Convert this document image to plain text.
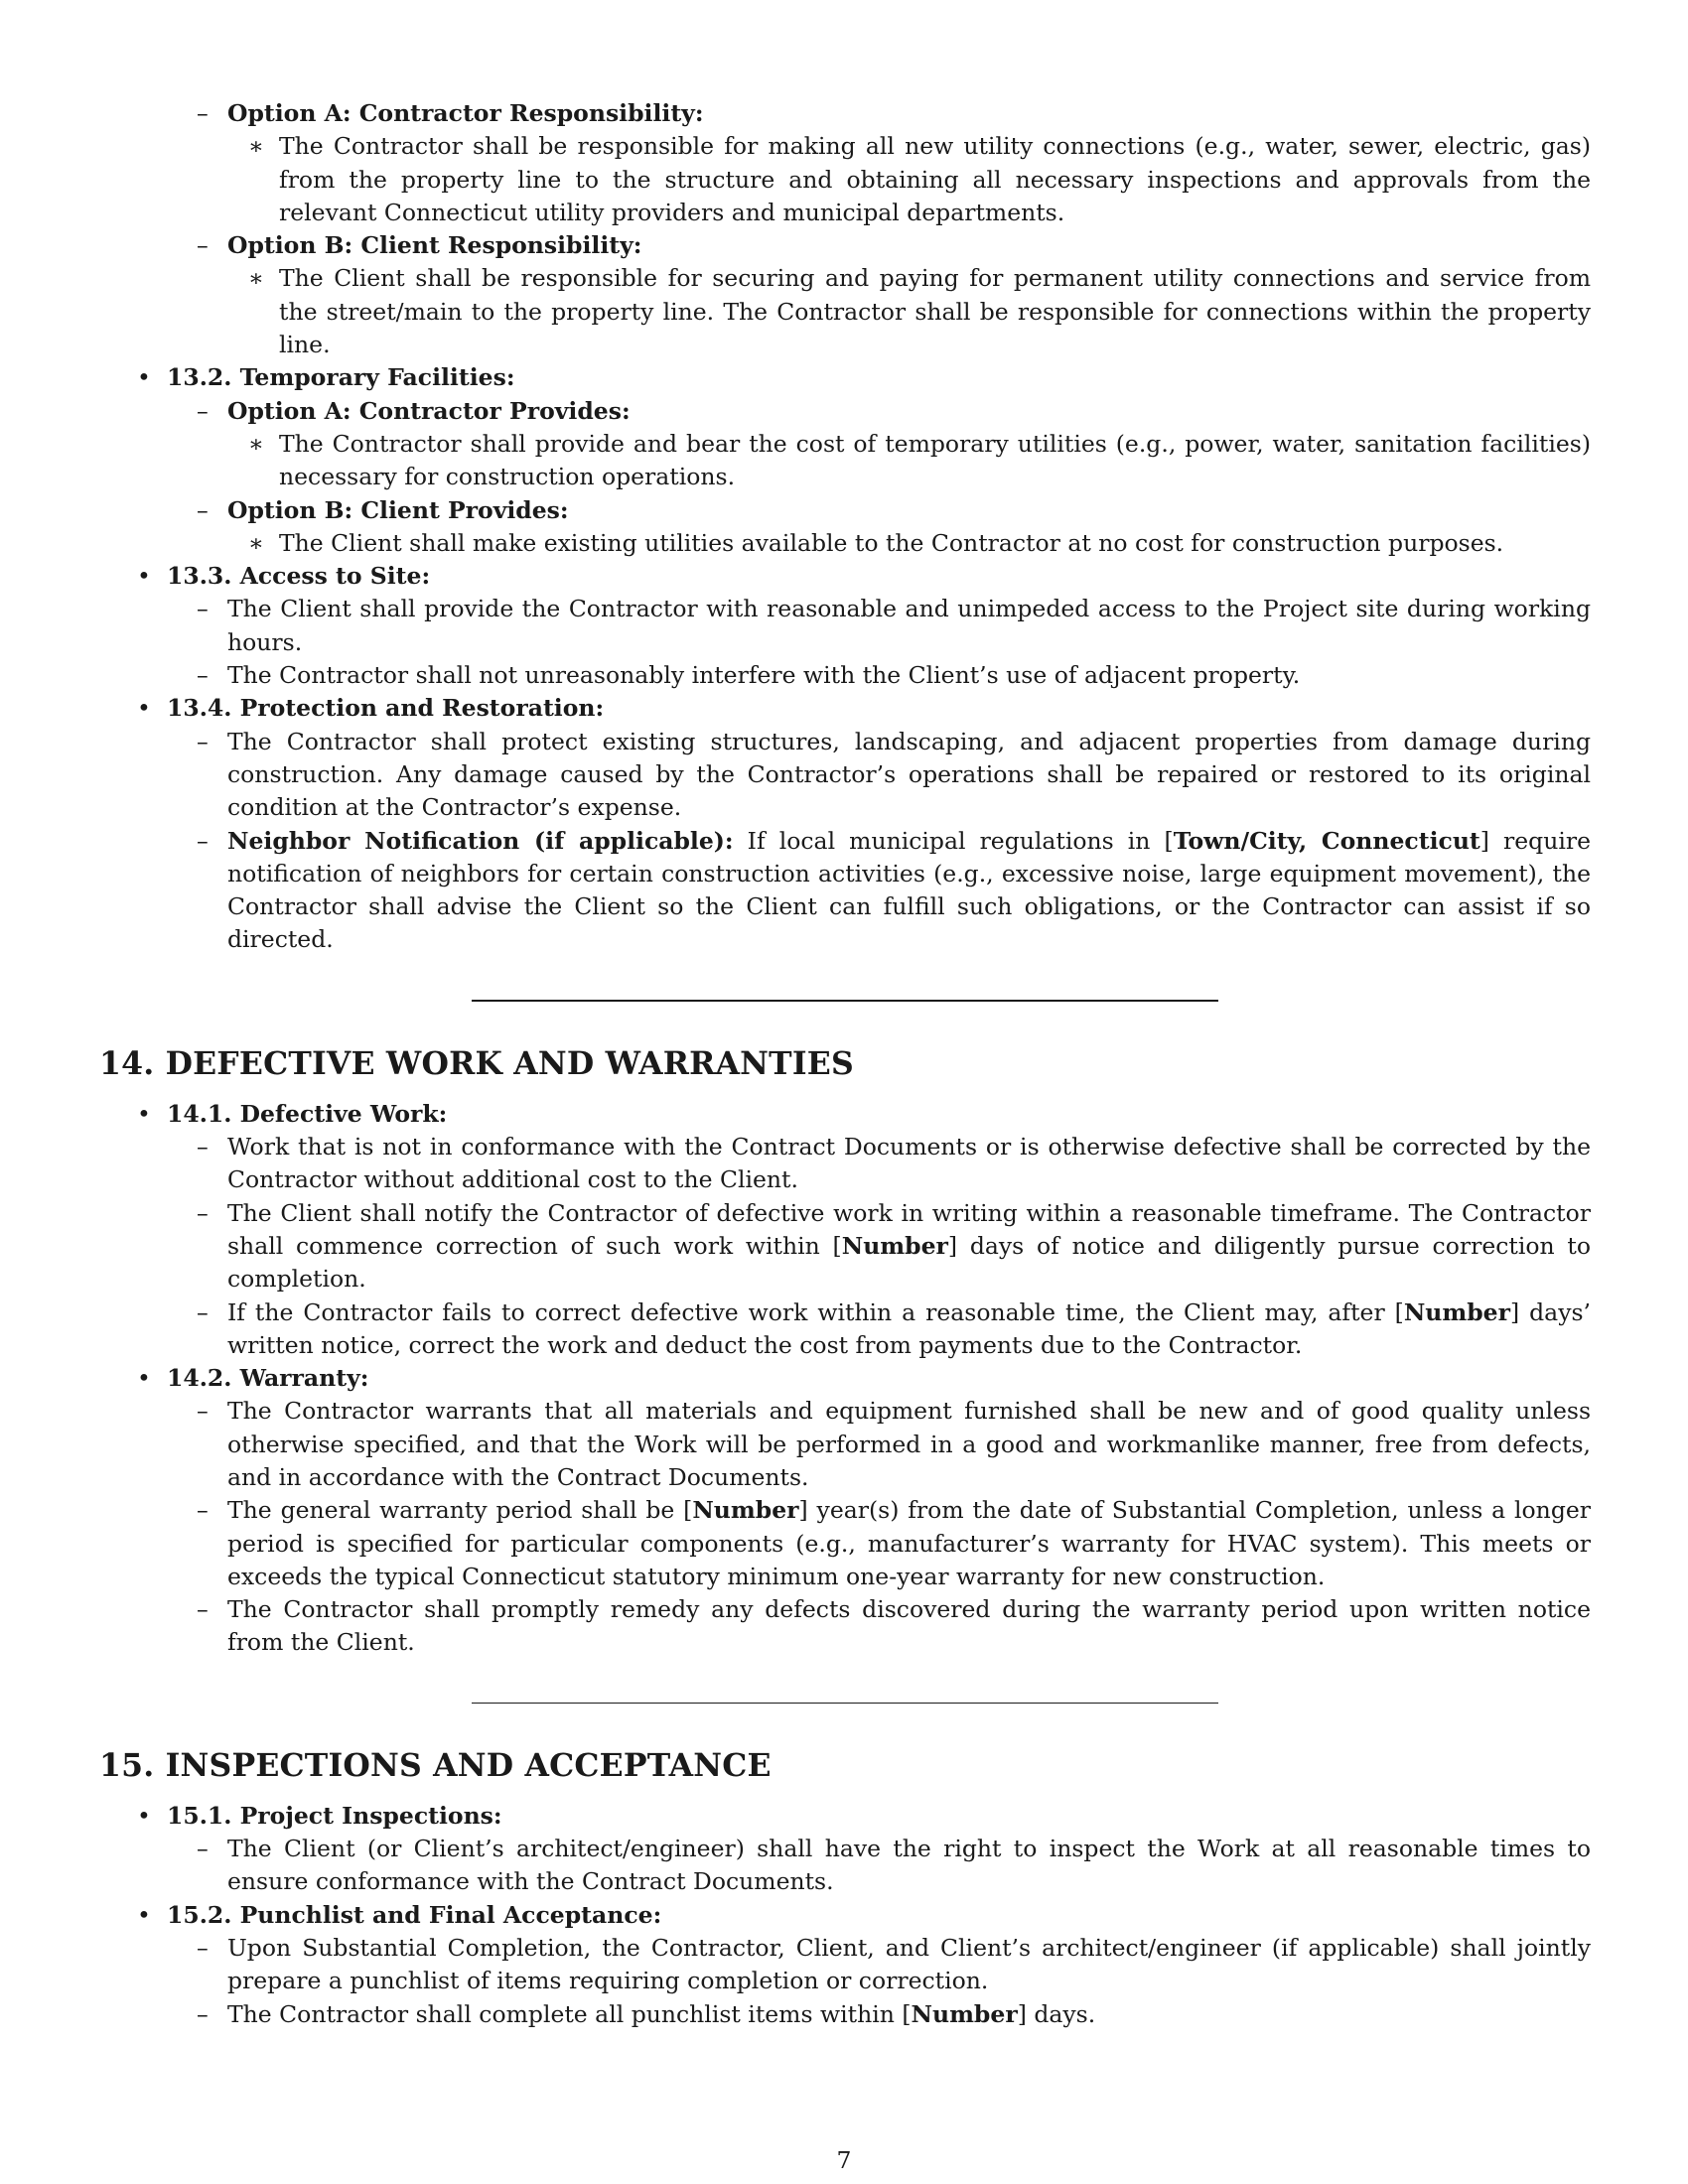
– Option A: Contractor Responsibility:
∗ The Contractor shall be responsible for making all new utility connections (e.g., water, sewer, electric, gas) from the property line to the structure and obtaining all necessary inspections and approvals from the relevant Connecticut utility providers and municipal departments.
– Option B: Client Responsibility:
∗ The Client shall be responsible for securing and paying for permanent utility connections and service from the street/main to the property line. The Contractor shall be responsible for connections within the property line.
• 13.2. Temporary Facilities:
– Option A: Contractor Provides:
∗ The Contractor shall provide and bear the cost of temporary utilities (e.g., power, water, sanitation facilities) necessary for construction operations.
– Option B: Client Provides:
∗ The Client shall make existing utilities available to the Contractor at no cost for construction purposes.
• 13.3. Access to Site:
– The Client shall provide the Contractor with reasonable and unimpeded access to the Project site during working hours.
– The Contractor shall not unreasonably interfere with the Client’s use of adjacent property.
• 13.4. Protection and Restoration:
– The Contractor shall protect existing structures, landscaping, and adjacent properties from damage during construction. Any damage caused by the Contractor’s operations shall be repaired or restored to its original condition at the Contractor’s expense.
– Neighbor Notification (if applicable): If local municipal regulations in [Town/City, Connecticut] require notification of neighbors for certain construction activities (e.g., excessive noise, large equipment movement), the Contractor shall advise the Client so the Client can fulfill such obligations, or the Contractor can assist if so directed.
14. DEFECTIVE WORK AND WARRANTIES
• 14.1. Defective Work:
– Work that is not in conformance with the Contract Documents or is otherwise defective shall be corrected by the Contractor without additional cost to the Client.
– The Client shall notify the Contractor of defective work in writing within a reasonable timeframe. The Contractor shall commence correction of such work within [Number] days of notice and diligently pursue correction to completion.
– If the Contractor fails to correct defective work within a reasonable time, the Client may, after [Number] days’ written notice, correct the work and deduct the cost from payments due to the Contractor.
• 14.2. Warranty:
– The Contractor warrants that all materials and equipment furnished shall be new and of good quality unless otherwise specified, and that the Work will be performed in a good and workmanlike manner, free from defects, and in accordance with the Contract Documents.
– The general warranty period shall be [Number] year(s) from the date of Substantial Completion, unless a longer period is specified for particular components (e.g., manufacturer’s warranty for HVAC system). This meets or exceeds the typical Connecticut statutory minimum one-year warranty for new construction.
– The Contractor shall promptly remedy any defects discovered during the warranty period upon written notice from the Client.
15. INSPECTIONS AND ACCEPTANCE
• 15.1. Project Inspections:
– The Client (or Client’s architect/engineer) shall have the right to inspect the Work at all reasonable times to ensure conformance with the Contract Documents.
• 15.2. Punchlist and Final Acceptance:
– Upon Substantial Completion, the Contractor, Client, and Client’s architect/engineer (if applicable) shall jointly prepare a punchlist of items requiring completion or correction.
– The Contractor shall complete all punchlist items within [Number] days.
7
